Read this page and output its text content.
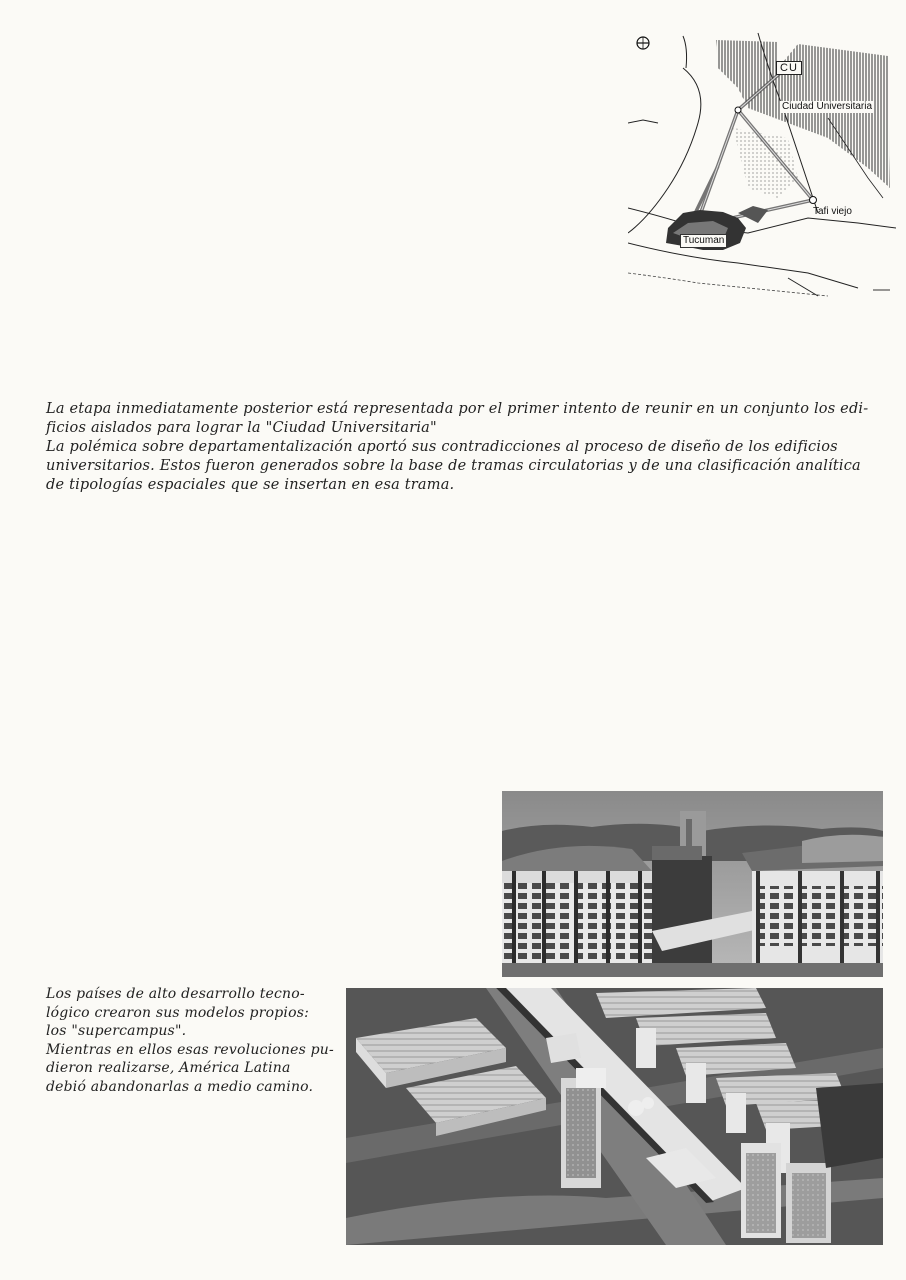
CU
Ciudad Universitaria
Tafi viejo
Tucuman

La etapa inmediatamente posterior está representada por el primer intento de reunir en un conjunto los edi-

ficios aislados para lograr la "Ciudad Universitaria"

La polémica sobre departamentalización aportó sus contradicciones al proceso de diseño de los edificios

universitarios. Estos fueron generados sobre la base de tramas circulatorias y de una clasificación analítica

de tipologías espaciales que se insertan en esa trama.

Los países de alto desarrollo tecno-

lógico crearon sus modelos propios:

los "supercampus".

Mientras en ellos esas revoluciones pu-

dieron realizarse, América Latina

debió abandonarlas a medio camino.
